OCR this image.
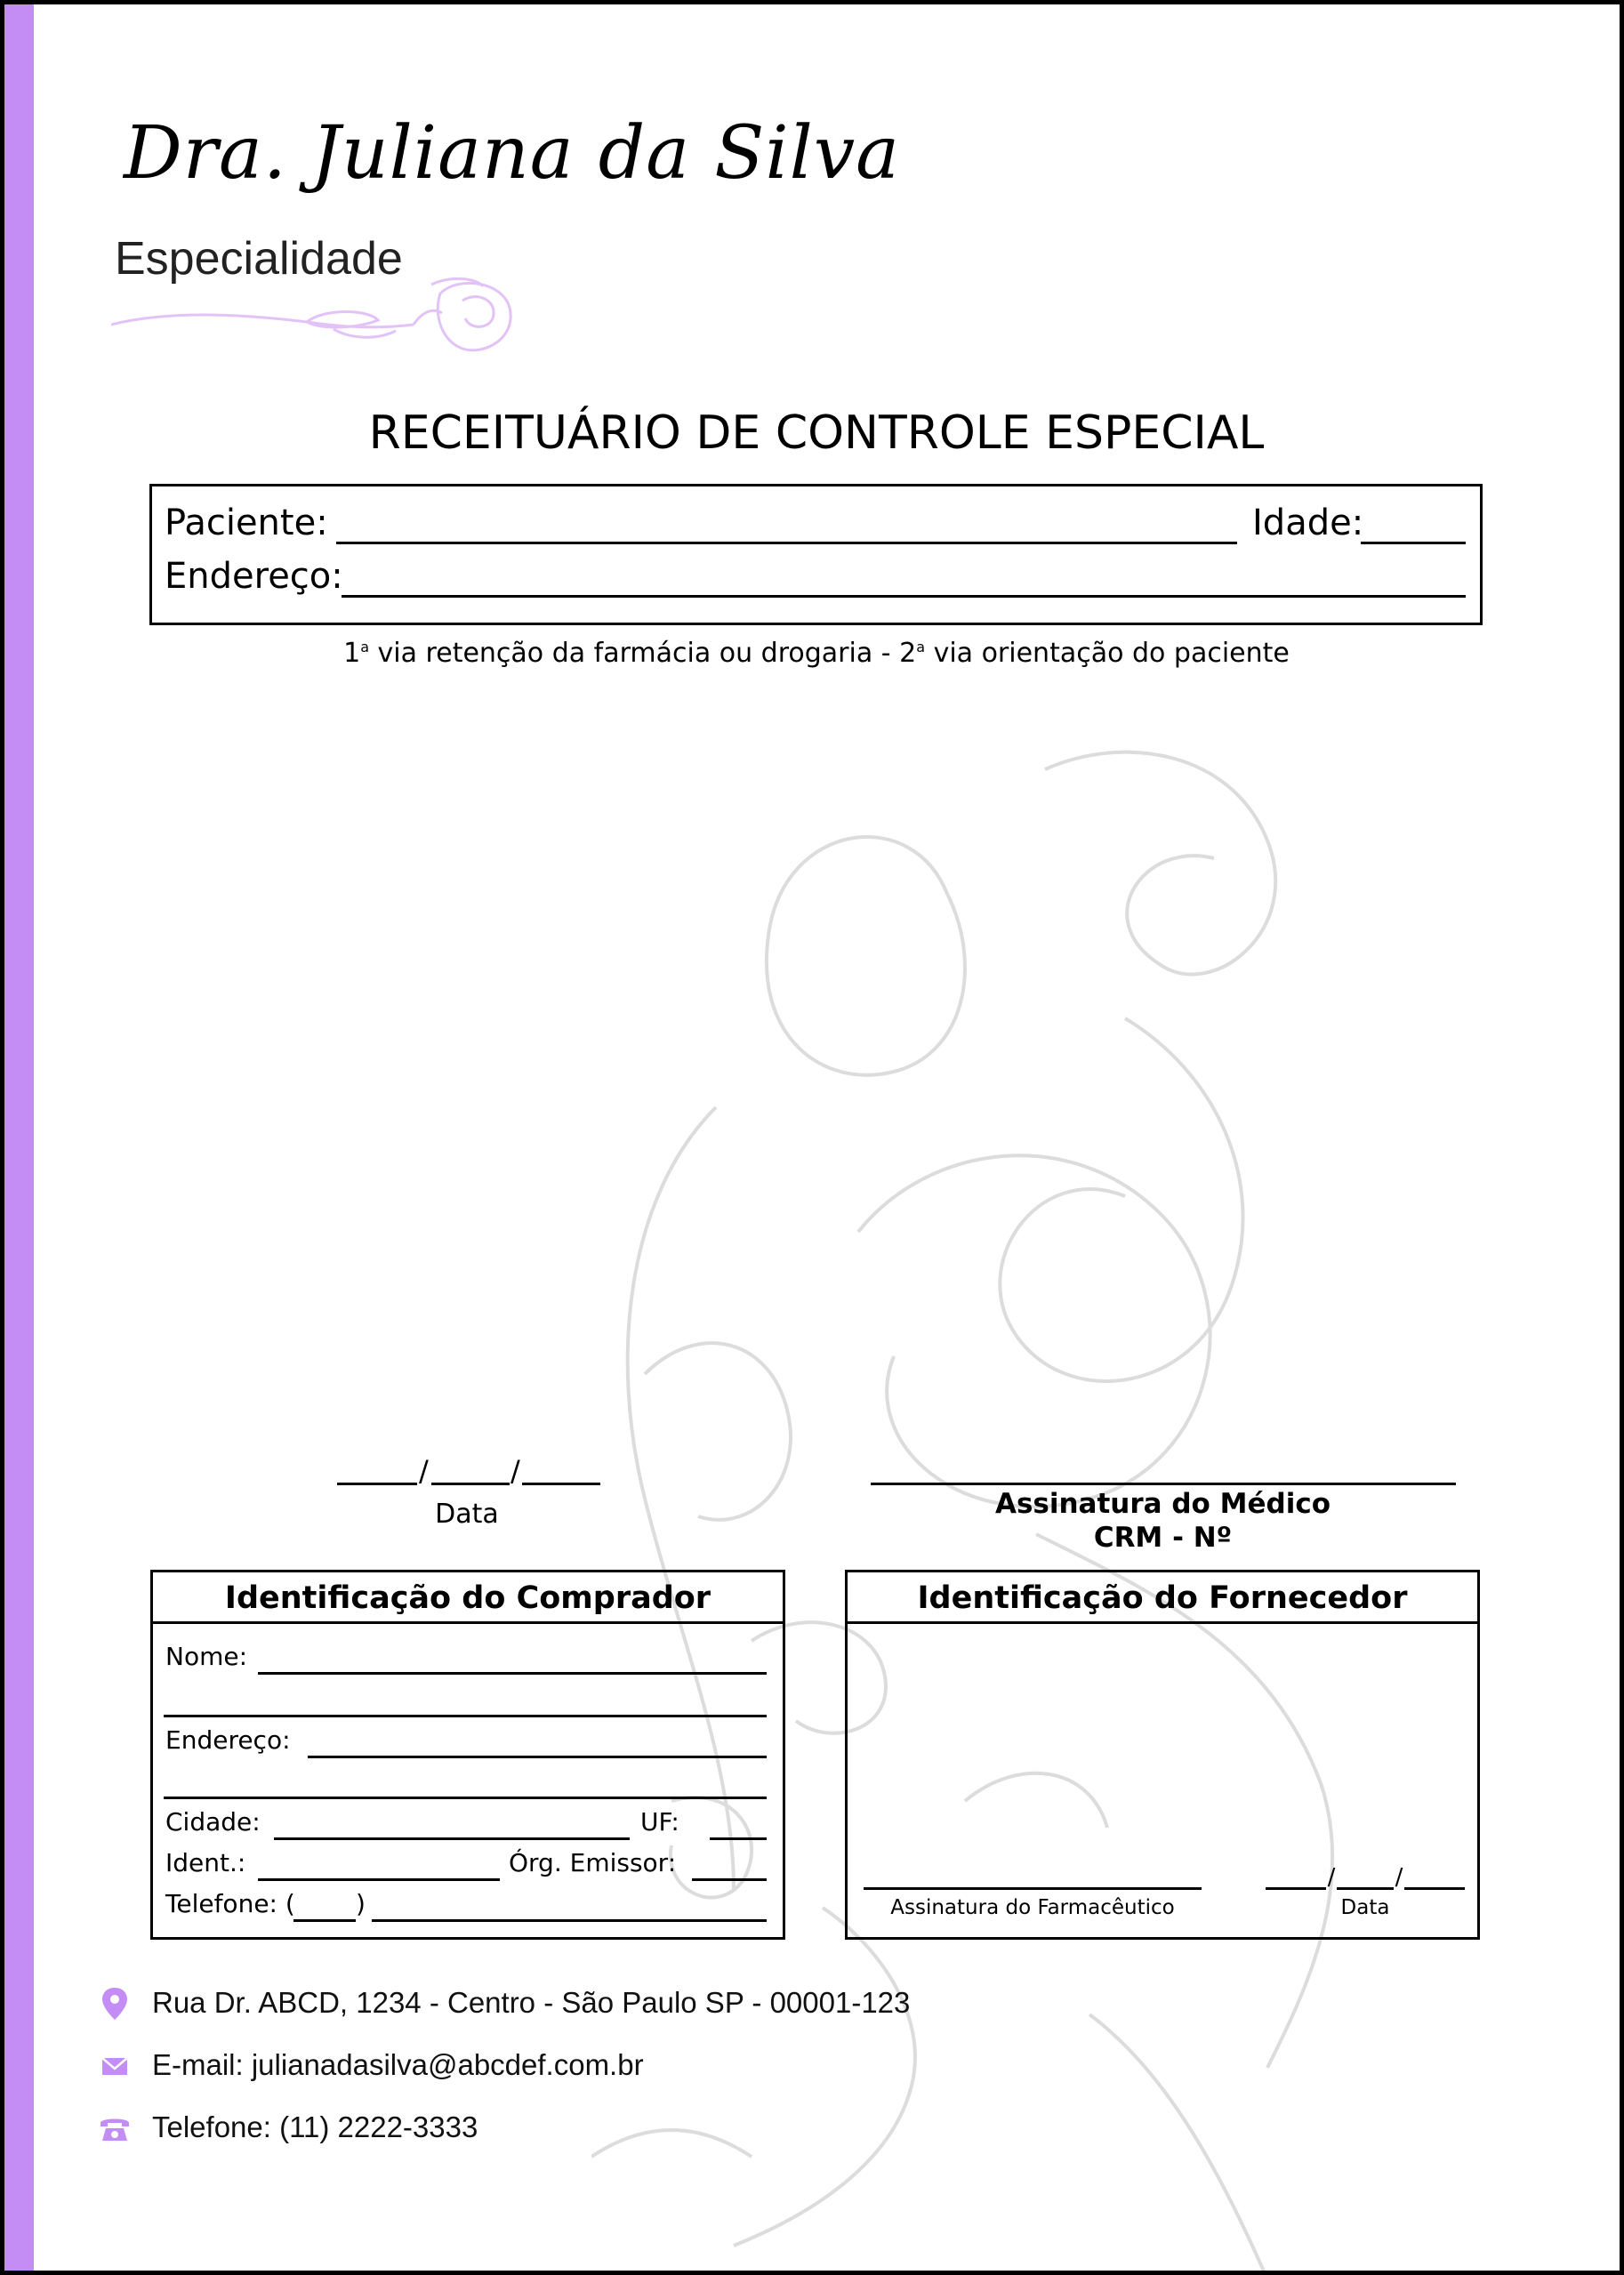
Dra. Juliana da Silva
Especialidade
RECEITUÁRIO DE CONTROLE ESPECIAL
Paciente:	Idade:
Endereço:
1$^a$ via retenção da farmácia ou drogaria - 2$^a$ via orientação do paciente
/	/
Data	Assinatura do Médico
CRM - Nº
Identificação do Comprador
Nome:
Endereço:
Cidade:	UF:
Ident.:	Órg. Emissor:
Telefone: ( )
Identificação do Fornecedor
Assinatura do Farmacêutico
/	/
Data
Rua Dr. ABCD, 1234 - Centro - São Paulo SP - 00001-123
E-mail: julianadasilva@abcdef.com.br
Telefone: (11) 2222-3333
